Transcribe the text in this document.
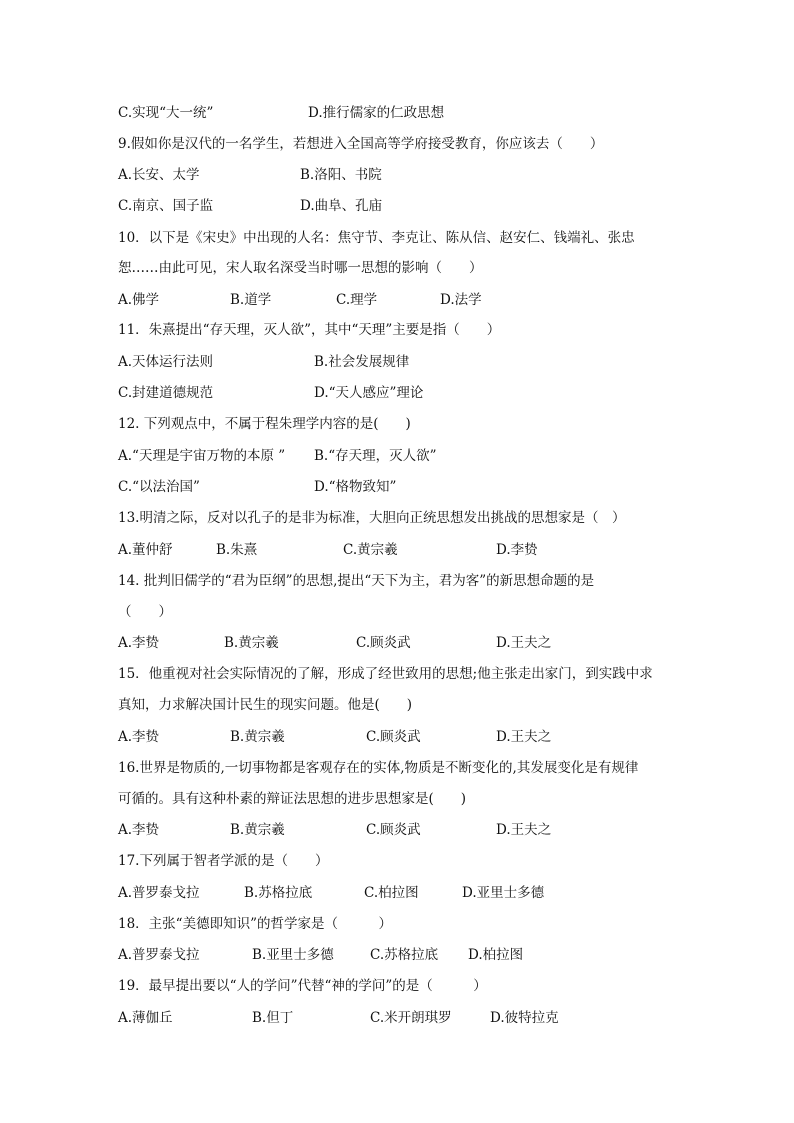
C.实现“大一统”	D.推行儒家的仁政思想
9.假如你是汉代的一名学生，若想进入全国高等学府接受教育，你应该去（　　）
A.长安、太学	B.洛阳、书院
C.南京、国子监	D.曲阜、孔庙
10．以下是《宋史》中出现的人名：焦守节、李克让、陈从信、赵安仁、钱端礼、张忠
恕……由此可见，宋人取名深受当时哪一思想的影响（　　）
A.佛学	B.道学	C.理学	D.法学
11．朱熹提出“存天理，灭人欲”，其中“天理”主要是指（　　）
A.天体运行法则	B.社会发展规律
C.封建道德规范	D.“天人感应”理论
12. 下列观点中，不属于程朱理学内容的是(　　)
A.“天理是宇宙万物的本原 ” B.“存天理，灭人欲”
C.“以法治国”	D.“格物致知”
13.明清之际，反对以孔子的是非为标准，大胆向正统思想发出挑战的思想家是（　）
A.董仲舒	B.朱熹	C.黄宗羲	D.李贽
14. 批判旧儒学的“君为臣纲”的思想,提出“天下为主，君为客”的新思想命题的是
（　　）
A.李贽	B.黄宗羲	C.顾炎武	D.王夫之
15．他重视对社会实际情况的了解，形成了经世致用的思想;他主张走出家门，到实践中求
真知，力求解决国计民生的现实问题。他是(　　)
A.李贽	B.黄宗羲	C.顾炎武	D.王夫之
16.世界是物质的,一切事物都是客观存在的实体,物质是不断变化的,其发展变化是有规律
可循的。具有这种朴素的辩证法思想的进步思想家是(　　)
A.李贽	B.黄宗羲	C.顾炎武	D.王夫之
17.下列属于智者学派的是（　　）
A.普罗泰戈拉	B.苏格拉底	C.柏拉图	D.亚里士多德
18．主张“美德即知识”的哲学家是（　　　）
A.普罗泰戈拉	B.亚里士多德	C.苏格拉底 D.柏拉图
19．最早提出要以“人的学问”代替“神的学问”的是（　　　）
A.薄伽丘	B.但丁	C.米开朗琪罗	D.彼特拉克
